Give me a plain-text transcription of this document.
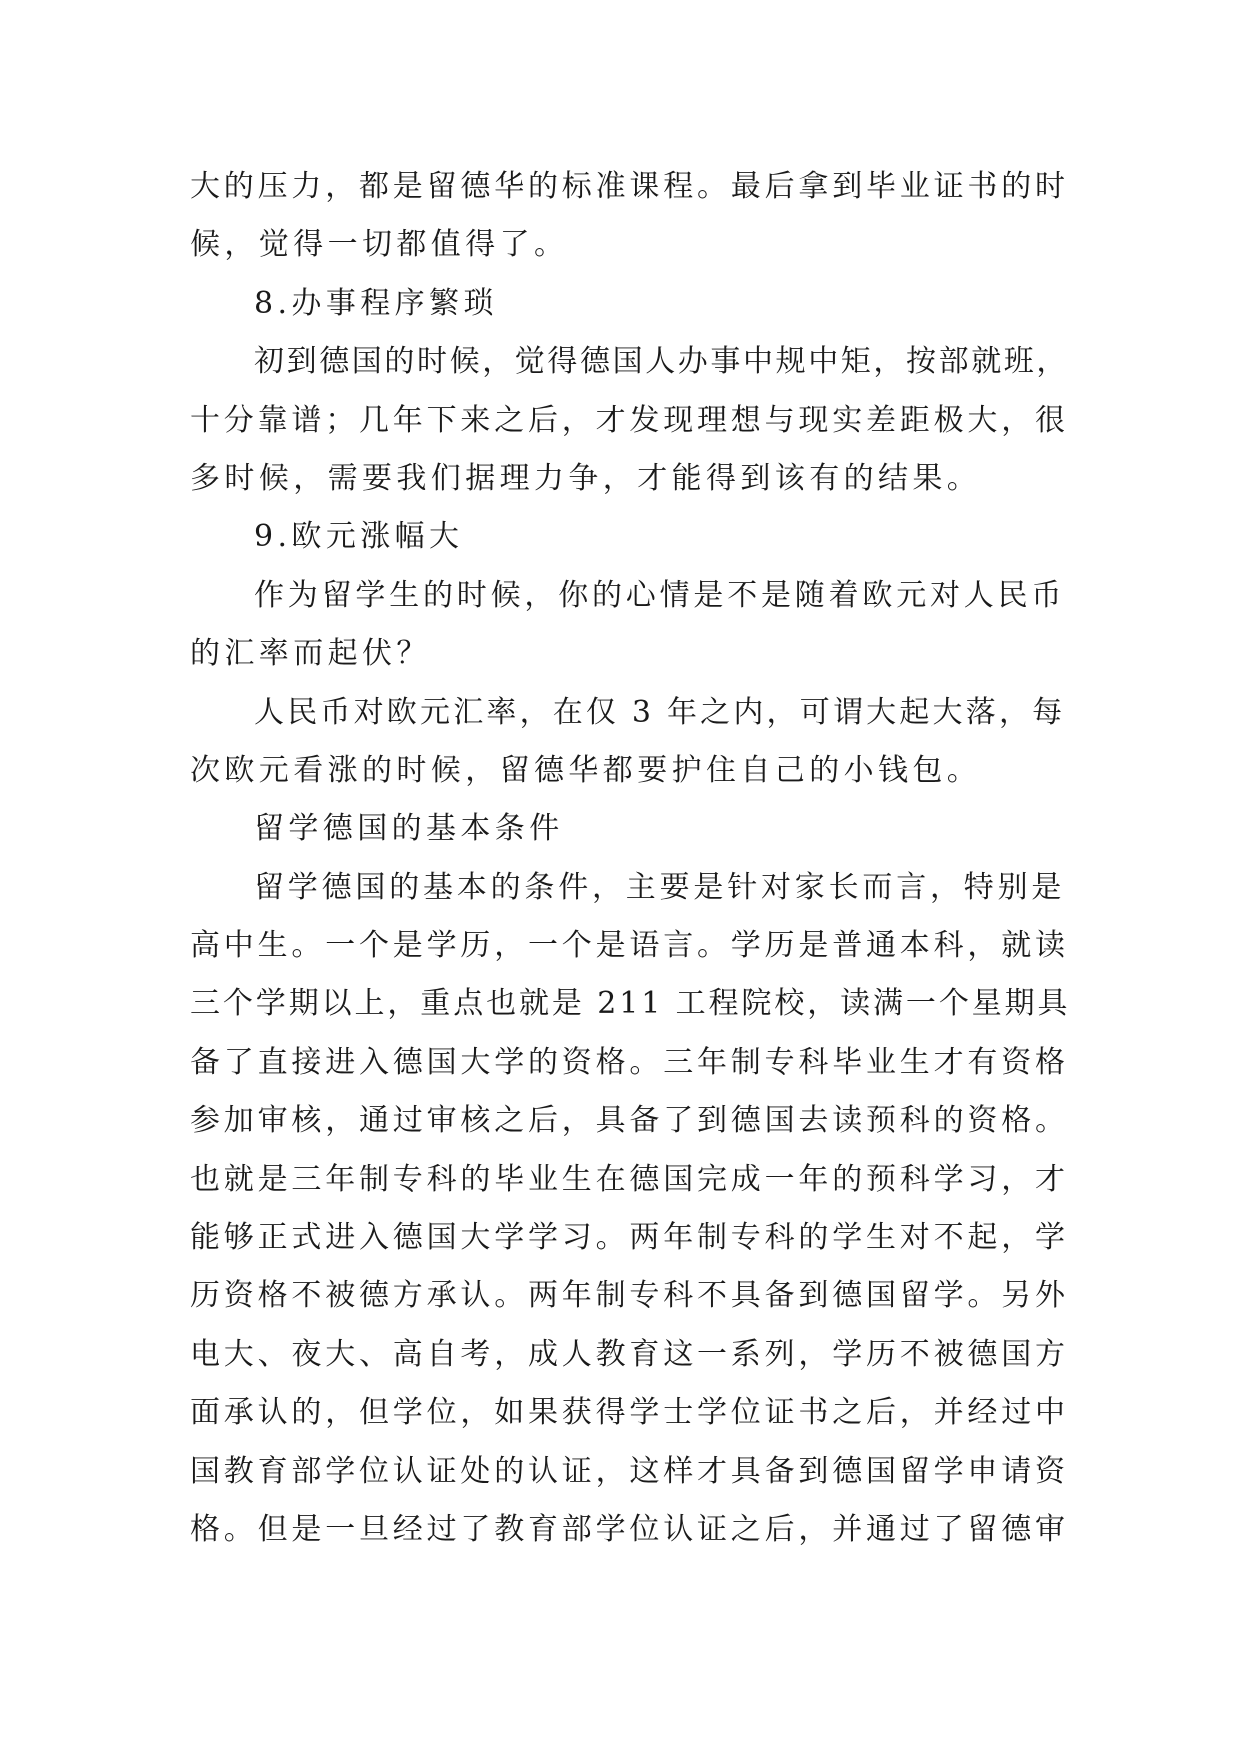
大的压力，都是留德华的标准课程。最后拿到毕业证书的时
候，觉得一切都值得了。
8.办事程序繁琐
初到德国的时候，觉得德国人办事中规中矩，按部就班，
十分靠谱；几年下来之后，才发现理想与现实差距极大，很
多时候，需要我们据理力争，才能得到该有的结果。
9.欧元涨幅大
作为留学生的时候，你的心情是不是随着欧元对人民币
的汇率而起伏？
人民币对欧元汇率，在仅 3 年之内，可谓大起大落，每
次欧元看涨的时候，留德华都要护住自己的小钱包。
留学德国的基本条件
留学德国的基本的条件，主要是针对家长而言，特别是
高中生。一个是学历，一个是语言。学历是普通本科，就读
三个学期以上，重点也就是 211 工程院校，读满一个星期具
备了直接进入德国大学的资格。三年制专科毕业生才有资格
参加审核，通过审核之后，具备了到德国去读预科的资格。
也就是三年制专科的毕业生在德国完成一年的预科学习，才
能够正式进入德国大学学习。两年制专科的学生对不起，学
历资格不被德方承认。两年制专科不具备到德国留学。另外
电大、夜大、高自考，成人教育这一系列，学历不被德国方
面承认的，但学位，如果获得学士学位证书之后，并经过中
国教育部学位认证处的认证，这样才具备到德国留学申请资
格。但是一旦经过了教育部学位认证之后，并通过了留德审
